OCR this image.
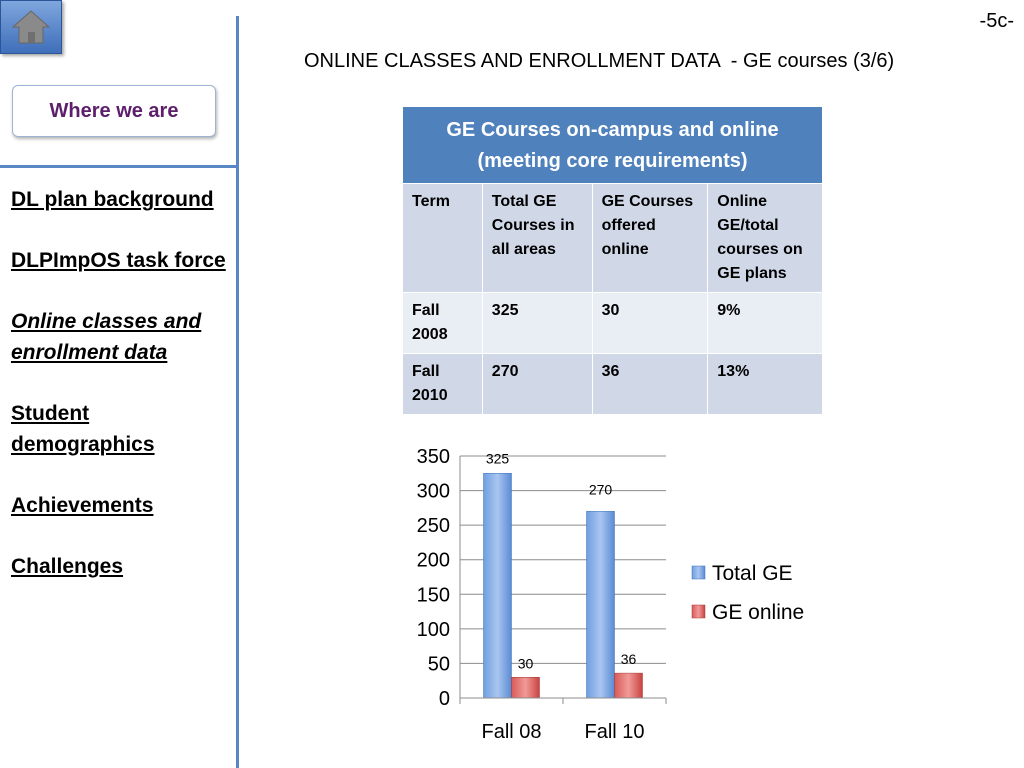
Where we are
DL plan background
DLPImpOS task force
Online classes and enrollment data
Student demographics
Achievements
Challenges
-5c-
ONLINE CLASSES AND ENROLLMENT DATA  - GE courses (3/6)
GE Courses on-campus and online (meeting core requirements)			
Term	Total GE Courses in all areas	GE Courses offered online	Online GE/total courses on GE plans
Fall 2008	325	30	9%
Fall 2010	270	36	13%
0
50
100
150
200
250
300
350
Fall 08
325
30
Fall 10
270
36
Total GE
GE online
